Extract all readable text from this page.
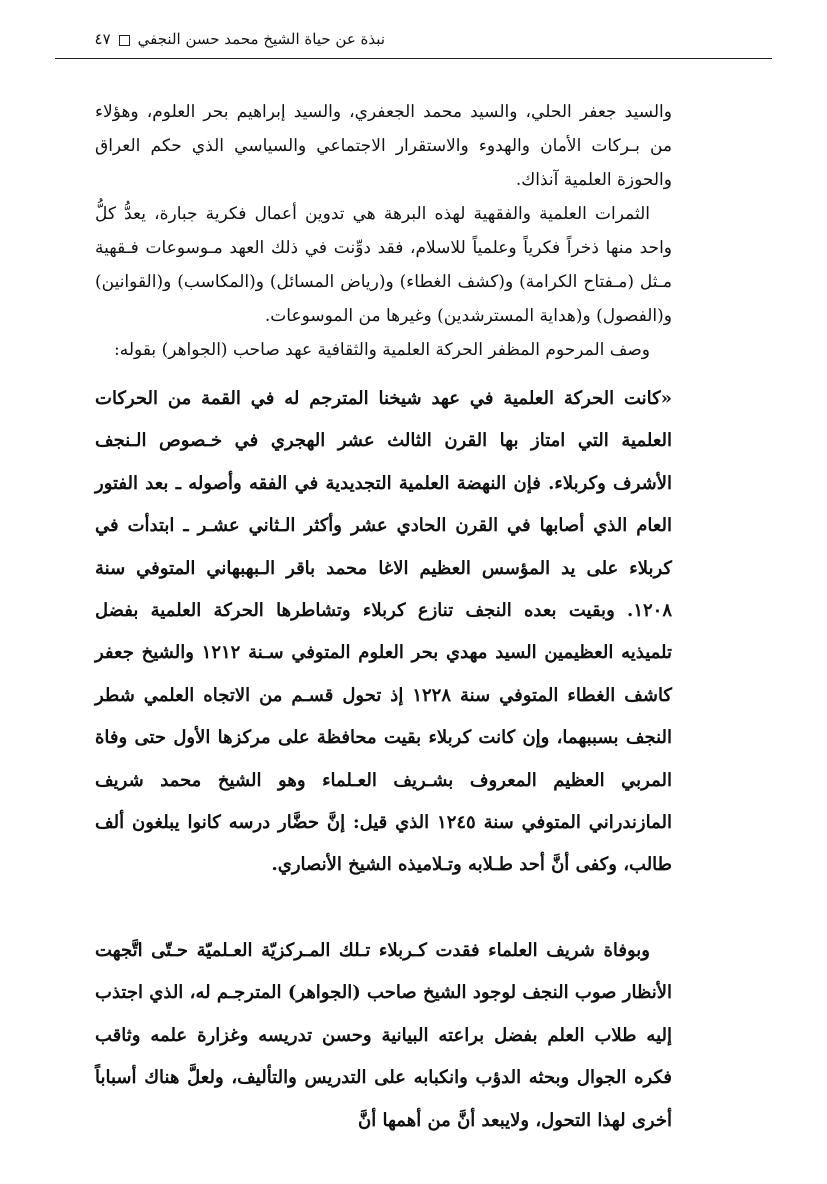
نبذة عن حياة الشيخ محمد حسن النجفي٤٧

والسيد جعفر الحلي، والسيد محمد الجعفري، والسيد إبراهيم بحر العلوم، وهؤلاء من بـركات الأمان والهدوء والاستقرار الاجتماعي والسياسي الذي حكم العراق والحوزة العلمية آنذاك.

الثمرات العلمية والفقهية لهذه البرهة هي تدوين أعمال فكرية جبارة، يعدُّ كلُّ واحد منها ذخراً فكرياً وعلمياً للاسلام، فقد دوِّنت في ذلك العهد مـوسوعات فـقهية مـثل (مـفتاح الكرامة) و(كشف الغطاء) و(رياض المسائل) و(المكاسب) و(القوانين) و(الفصول) و(هداية المسترشدين) وغيرها من الموسوعات.

وصف المرحوم المظفر الحركة العلمية والثقافية عهد صاحب (الجواهر) بقوله:

«كانت الحركة العلمية في عهد شيخنا المترجم له في القمة من الحركات العلمية التي امتاز بها القرن الثالث عشر الهجري في خـصوص الـنجف الأشرف وكربلاء. فإن النهضة العلمية التجديدية في الفقه وأصوله ـ بعد الفتور العام الذي أصابها في القرن الحادي عشر وأكثر الـثاني عشـر ـ ابتدأت في كربلاء على يد المؤسس العظيم الاغا محمد باقر الـبهبهاني المتوفي سنة ١٢٠٨. وبقيت بعده النجف تنازع كربلاء وتشاطرها الحركة العلمية بفضل تلميذيه العظيمين السيد مهدي بحر العلوم المتوفي سـنة ١٢١٢ والشيخ جعفر كاشف الغطاء المتوفي سنة ١٢٢٨ إذ تحول قسـم من الاتجاه العلمي شطر النجف بسببهما، وإن كانت كربلاء بقيت محافظة على مركزها الأول حتى وفاة المربي العظيم المعروف بشـريف العـلماء وهو الشيخ محمد شريف المازندراني المتوفي سنة ١٢٤٥ الذي قيل: إنَّ حضَّار درسه كانوا يبلغون ألف طالب، وكفى أنَّ أحد طـلابه وتـلاميذه الشيخ الأنصاري.

وبوفاة شريف العلماء فقدت كـربلاء تـلك المـركزيّة العـلميّة حـتّى اتَّجهت الأنظار صوب النجف لوجود الشيخ صاحب (الجواهر) المترجـم له، الذي اجتذب إليه طلاب العلم بفضل براعته البيانية وحسن تدريسه وغزارة علمه وثاقب فكره الجوال وبحثه الدؤب وانكبابه على التدريس والتأليف، ولعلَّ هناك أسباباً أخرى لهذا التحول، ولايبعد أنَّ من أهمها أنَّ
